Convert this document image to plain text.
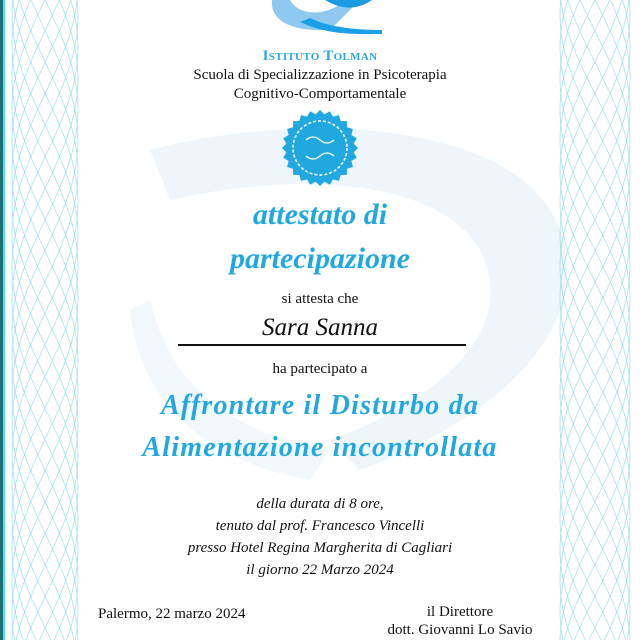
Istituto Tolman
Scuola di Specializzazione in Psicoterapia
Cognitivo-Comportamentale
attestato di
partecipazione
si attesta che
Sara Sanna
ha partecipato a
Affrontare il Disturbo da
Alimentazione incontrollata
della durata di 8 ore,
tenuto dal prof. Francesco Vincelli
presso Hotel Regina Margherita di Cagliari
il giorno 22 Marzo 2024
Palermo, 22 marzo 2024	il Direttore
dott. Giovanni Lo Savio
